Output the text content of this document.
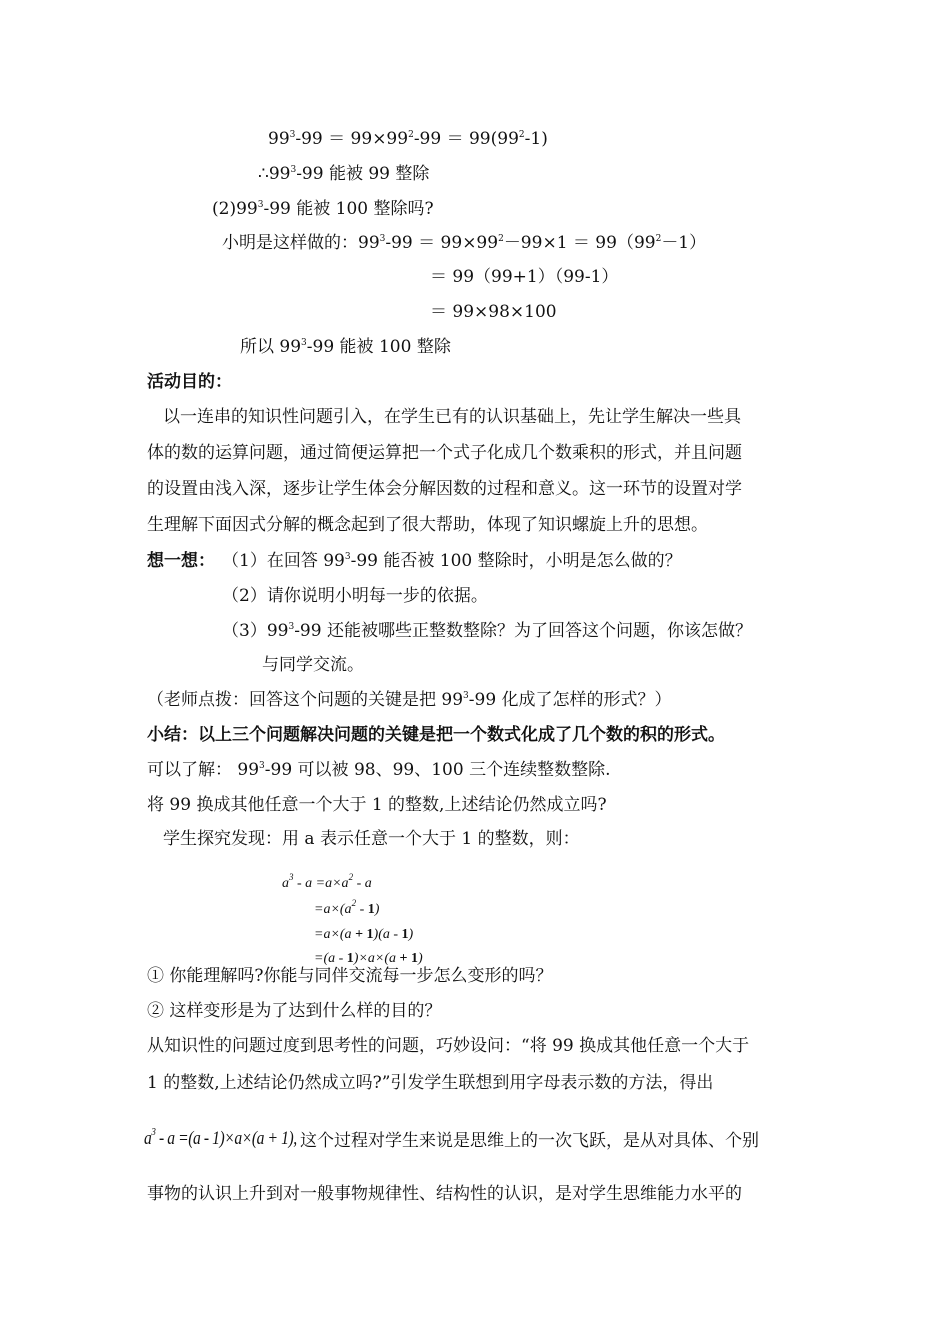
$99^3-99 = 99\times 99^2-99 = 99(99^2-1)$
$\therefore 99^3-99$ 能被 99 整除
$(2)99^3-99$ 能被 100 整除吗?
小明是这样做的：$99^3-99 = 99\times 99^2-99\times 1 = 99(99^2-1)$
＝ 99（99+1）（99-1）
＝ 99×98×100
所以 $99^3-99$ 能被 100 整除
活动目的：
以一连串的知识性问题引入，在学生已有的认识基础上，先让学生解决一些具
体的数的运算问题，通过简便运算把一个式子化成几个数乘积的形式，并且问题
的设置由浅入深，逐步让学生体会分解因数的过程和意义。这一环节的设置对学
生理解下面因式分解的概念起到了很大帮助，体现了知识螺旋上升的思想。
想一想： （1）在回答 $99^3-99$ 能否被 100 整除时，小明是怎么做的？
（2）请你说明小明每一步的依据。
$(3)99^3-99$ 还能被哪些正整数整除？为了回答这个问题，你该怎做？
与同学交流。
（老师点拨：回答这个问题的关键是把 $99^3-99$ 化成了怎样的形式？）
小结：以上三个问题解决问题的关键是把一个数式化成了几个数的积的形式。
可以了解： $99^3-99$ 可以被 98、99、100 三个连续整数整除.
将 99 换成其他任意一个大于 1 的整数,上述结论仍然成立吗?
学生探究发现：用 a 表示任意一个大于 1 的整数，则：
$a^3 - a =a\times a^2 - a$
$=a\times(a^2 - 1)$
=a×(a + 1)(a - 1)
=(a - 1)×a×(a + 1)
① 你能理解吗?你能与同伴交流每一步怎么变形的吗？
② 这样变形是为了达到什么样的目的？
从知识性的问题过度到思考性的问题，巧妙设问：“将 99 换成其他任意一个大于
1 的整数,上述结论仍然成立吗?”引发学生联想到用字母表示数的方法，得出
$a^3 - a =(a - 1)\times a\times(a + 1)$, 这个过程对学生来说是思维上的一次飞跃，是从对具体、个别
事物的认识上升到对一般事物规律性、结构性的认识，是对学生思维能力水平的
